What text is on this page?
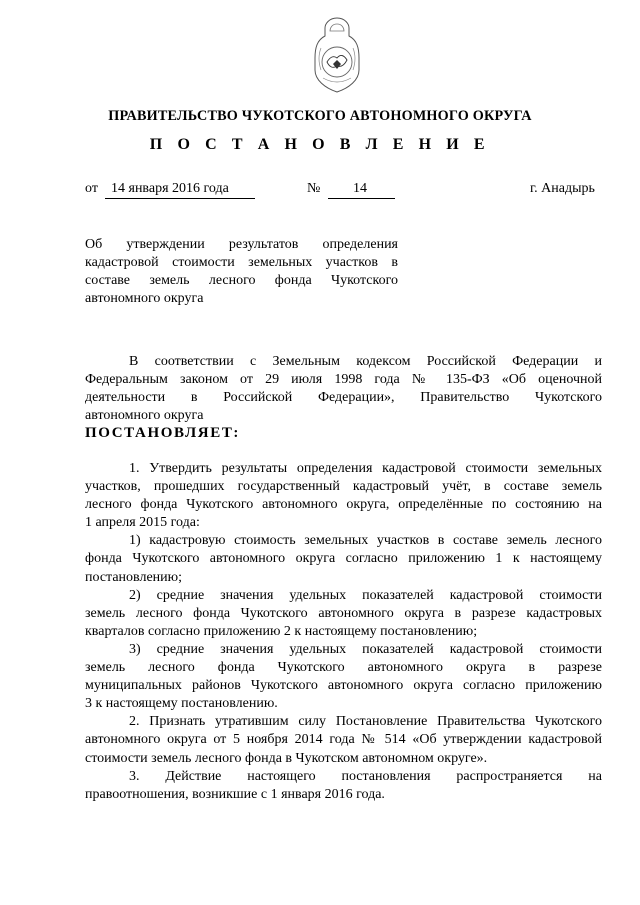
ПРАВИТЕЛЬСТВО ЧУКОТСКОГО АВТОНОМНОГО ОКРУГА
П О С Т А Н О В Л Е Н И Е
от 14 января 2016 года	№ 14	г. Анадырь
Об утверждении результатов определения
кадастровой стоимости земельных участков в
составе земель лесного фонда Чукотского
автономного округа
В соответствии с Земельным кодексом Российской Федерации и
Федеральным законом от 29 июля 1998 года № 135-ФЗ «Об оценочной
деятельности в Российской Федерации», Правительство Чукотского
автономного округа
ПОСТАНОВЛЯЕТ:
1. Утвердить результаты определения кадастровой стоимости земельных
участков, прошедших государственный кадастровый учёт, в составе земель
лесного фонда Чукотского автономного округа, определённые по состоянию на
1 апреля 2015 года:
1) кадастровую стоимость земельных участков в составе земель лесного
фонда Чукотского автономного округа согласно приложению 1 к настоящему
постановлению;
2) средние значения удельных показателей кадастровой стоимости
земель лесного фонда Чукотского автономного округа в разрезе кадастровых
кварталов согласно приложению 2 к настоящему постановлению;
3) средние значения удельных показателей кадастровой стоимости
земель лесного фонда Чукотского автономного округа в разрезе
муниципальных районов Чукотского автономного округа согласно приложению
3 к настоящему постановлению.
2. Признать утратившим силу Постановление Правительства Чукотского
автономного округа от 5 ноября 2014 года № 514 «Об утверждении кадастровой
стоимости земель лесного фонда в Чукотском автономном округе».
3. Действие настоящего постановления распространяется на
правоотношения, возникшие с 1 января 2016 года.
